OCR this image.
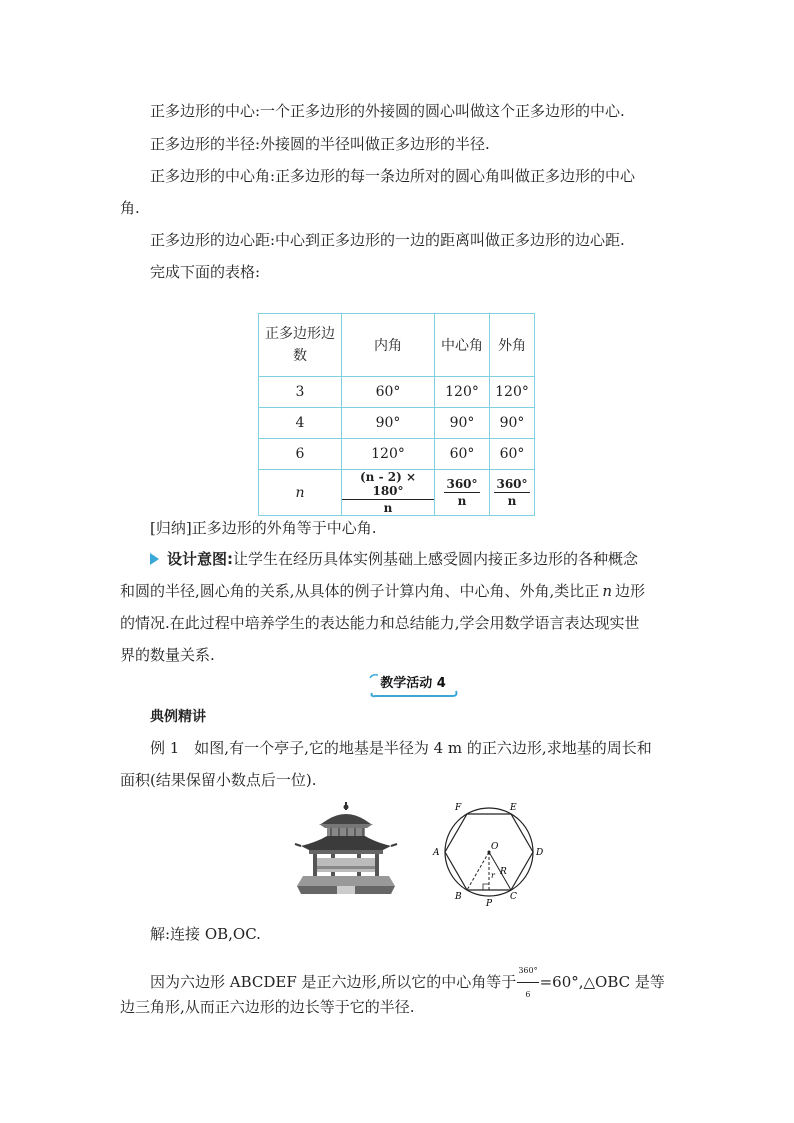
正多边形的中心:一个正多边形的外接圆的圆心叫做这个正多边形的中心.
正多边形的半径:外接圆的半径叫做正多边形的半径.
正多边形的中心角:正多边形的每一条边所对的圆心角叫做正多边形的中心
角.
正多边形的边心距:中心到正多边形的一边的距离叫做正多边形的边心距.
完成下面的表格:
正多边形边
数	内角	中心角	外角
3	60°	120°	120°
4	90°	90°	90°
6	120°	60°	60°
n	$\frac{(n - 2) \times 180^\circ}{n}$	$\frac{360^\circ}{n}$	$\frac{360^\circ}{n}$
[归纳]正多边形的外角等于中心角.
设计意图:让学生在经历具体实例基础上感受圆内接正多边形的各种概念
和圆的半径,圆心角的关系,从具体的例子计算内角、中心角、外角,类比正 n 边形
的情况.在此过程中培养学生的表达能力和总结能力,学会用数学语言表达现实世
界的数量关系.
教学活动 4
典例精讲
例 1　如图,有一个亭子,它的地基是半径为 4 m 的正六边形,求地基的周长和
面积(结果保留小数点后一位).
F	E
A	D
O
R
r
B	C
P
解:连接 OB,OC.
因为六边形 ABCDEF 是正六边形,所以它的中心角等于 $\frac{360^\circ}{6}$ =60°,△OBC 是等
边三角形,从而正六边形的边长等于它的半径.
